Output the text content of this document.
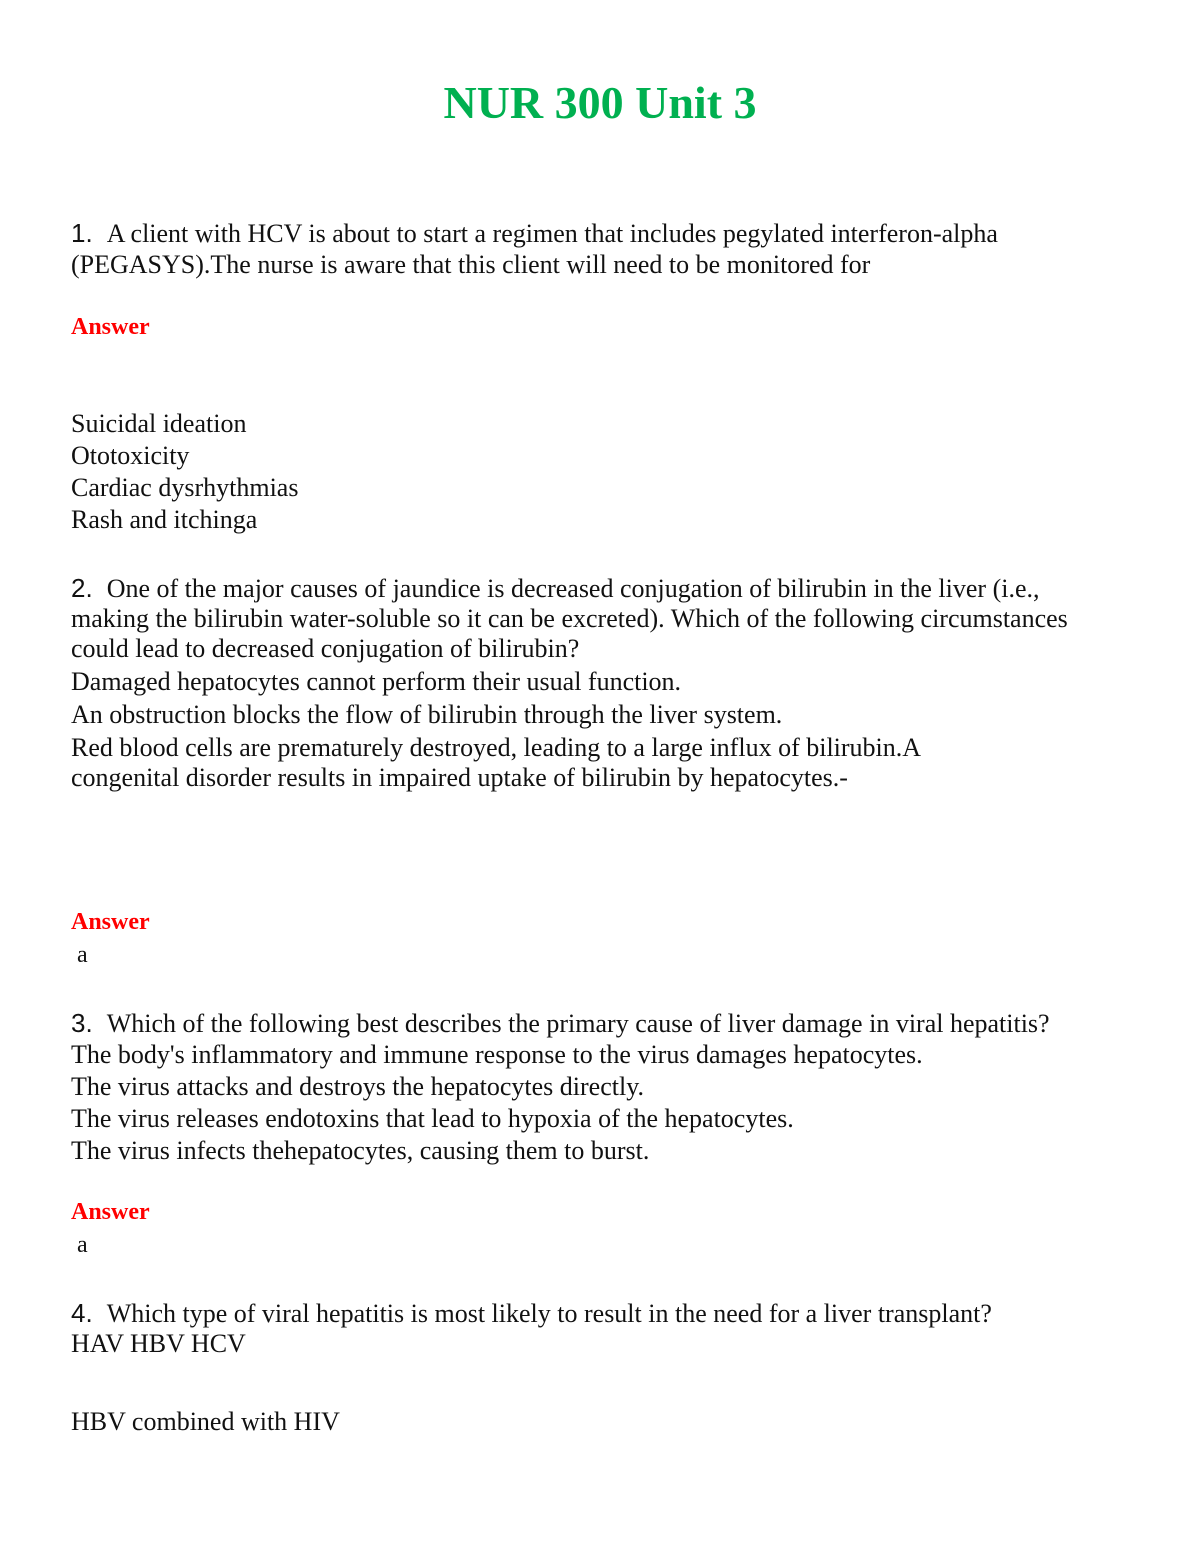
NUR 300 Unit 3
1. A client with HCV is about to start a regimen that includes pegylated interferon-alpha
(PEGASYS).The nurse is aware that this client will need to be monitored for
Answer
Suicidal ideation
Ototoxicity
Cardiac dysrhythmias
Rash and itchinga
2. One of the major causes of jaundice is decreased conjugation of bilirubin in the liver (i.e.,
making the bilirubin water-soluble so it can be excreted). Which of the following circumstances
could lead to decreased conjugation of bilirubin?
Damaged hepatocytes cannot perform their usual function.
An obstruction blocks the flow of bilirubin through the liver system.
Red blood cells are prematurely destroyed, leading to a large influx of bilirubin.A
congenital disorder results in impaired uptake of bilirubin by hepatocytes.-
Answer
a
3. Which of the following best describes the primary cause of liver damage in viral hepatitis?
The body's inflammatory and immune response to the virus damages hepatocytes.
The virus attacks and destroys the hepatocytes directly.
The virus releases endotoxins that lead to hypoxia of the hepatocytes.
The virus infects thehepatocytes, causing them to burst.
Answer
a
4. Which type of viral hepatitis is most likely to result in the need for a liver transplant?
HAV HBV HCV
HBV combined with HIV
